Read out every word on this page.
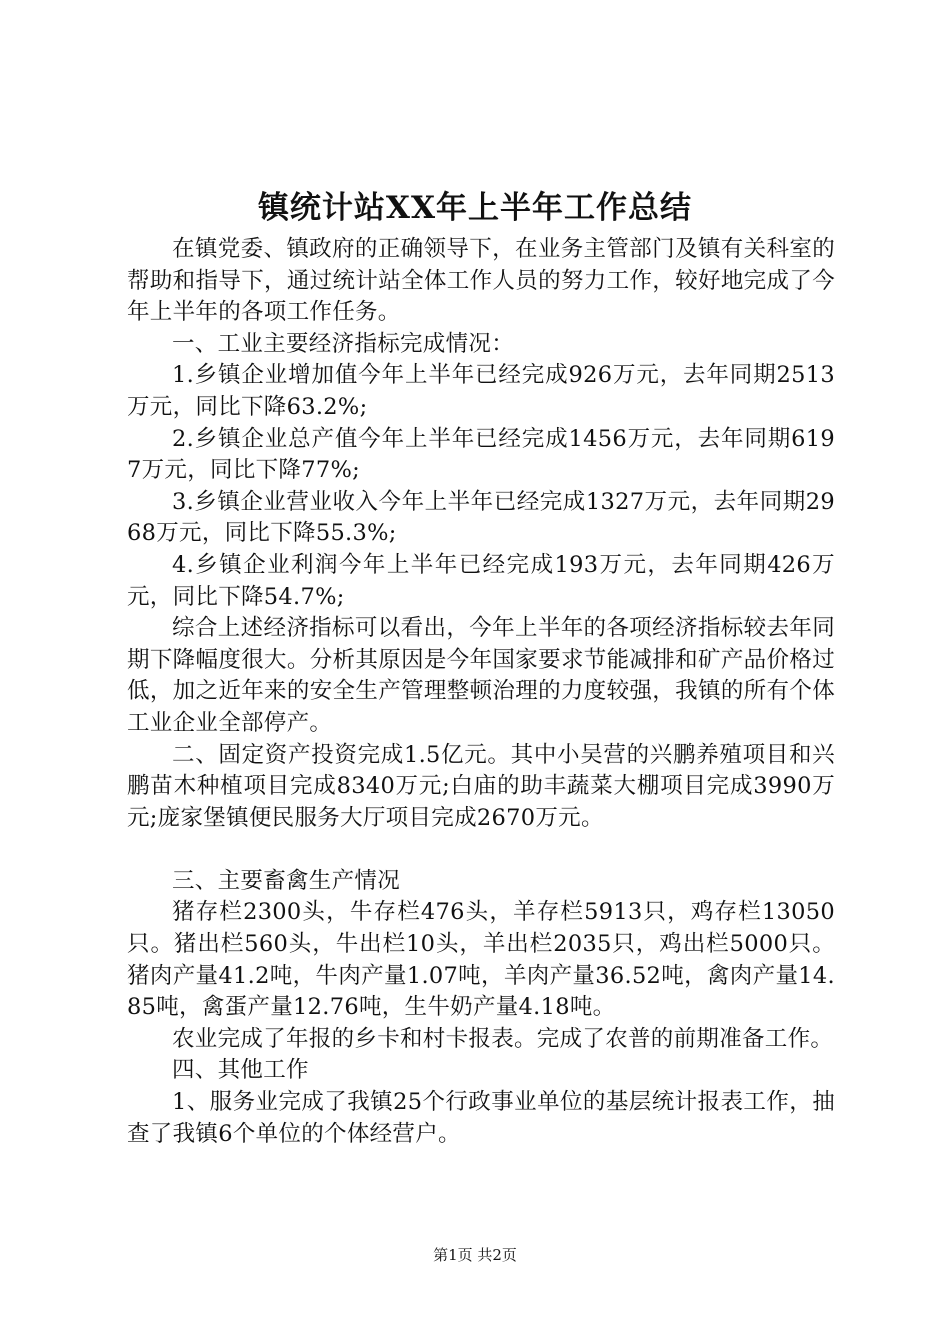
镇统计站XX年上半年工作总结

在镇党委、镇政府的正确领导下，在业务主管部门及镇有关科室的帮助和指导下，通过统计站全体工作人员的努力工作，较好地完成了今年上半年的各项工作任务。

一、工业主要经济指标完成情况：

1.乡镇企业增加值今年上半年已经完成926万元，去年同期2513万元，同比下降63.2%;

2.乡镇企业总产值今年上半年已经完成1456万元，去年同期6197万元，同比下降77%;

3.乡镇企业营业收入今年上半年已经完成1327万元，去年同期2968万元，同比下降55.3%;

4.乡镇企业利润今年上半年已经完成193万元，去年同期426万元，同比下降54.7%;

综合上述经济指标可以看出，今年上半年的各项经济指标较去年同期下降幅度很大。分析其原因是今年国家要求节能减排和矿产品价格过低，加之近年来的安全生产管理整顿治理的力度较强，我镇的所有个体工业企业全部停产。

二、固定资产投资完成1.5亿元。其中小吴营的兴鹏养殖项目和兴鹏苗木种植项目完成8340万元;白庙的助丰蔬菜大棚项目完成3990万元;庞家堡镇便民服务大厅项目完成2670万元。

三、主要畜禽生产情况

猪存栏2300头，牛存栏476头，羊存栏5913只，鸡存栏13050只。猪出栏560头，牛出栏10头，羊出栏2035只，鸡出栏5000只。猪肉产量41.2吨，牛肉产量1.07吨，羊肉产量36.52吨，禽肉产量14.85吨，禽蛋产量12.76吨，生牛奶产量4.18吨。

农业完成了年报的乡卡和村卡报表。完成了农普的前期准备工作。

四、其他工作

1、服务业完成了我镇25个行政事业单位的基层统计报表工作，抽查了我镇6个单位的个体经营户。

第1页 共2页
